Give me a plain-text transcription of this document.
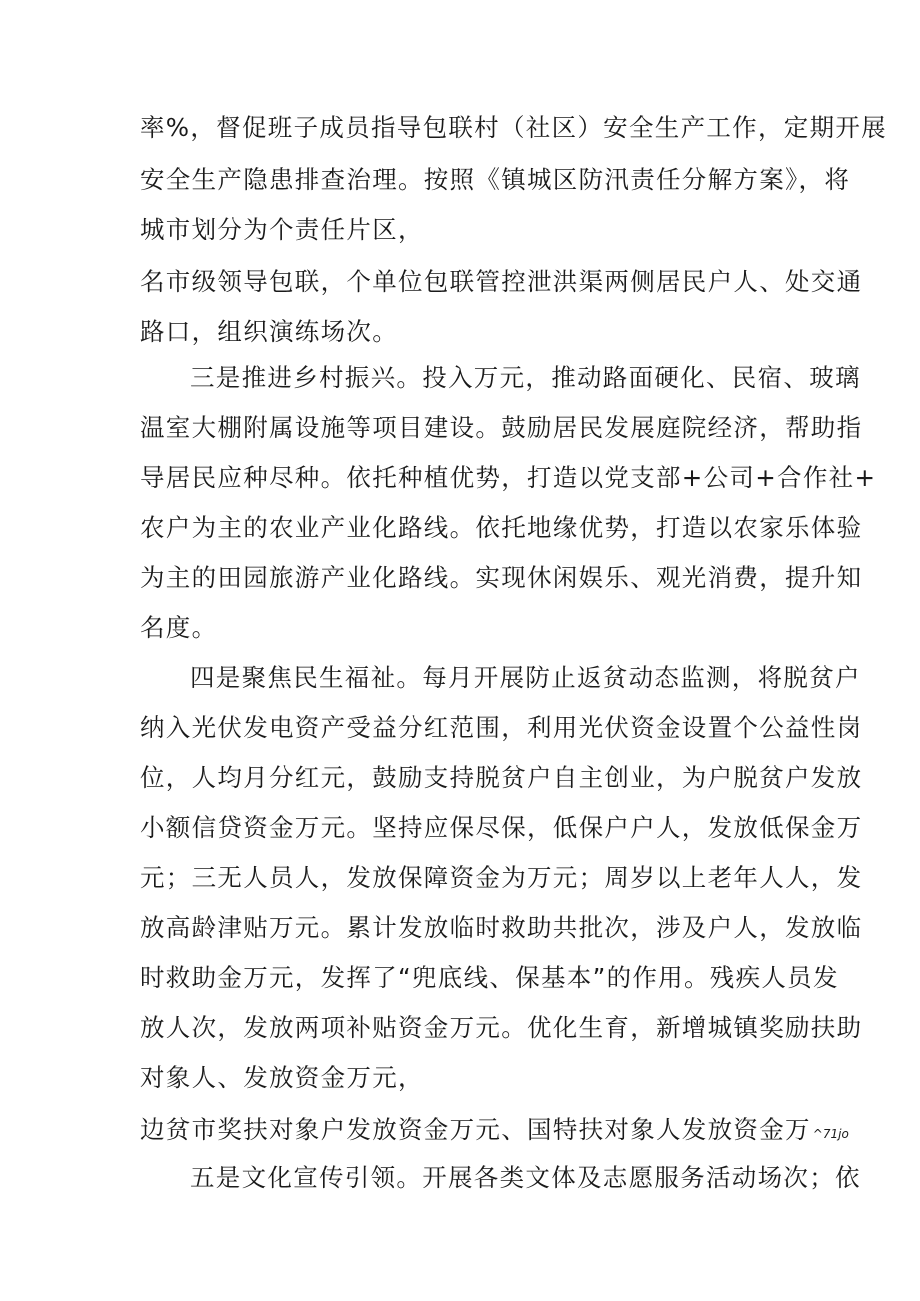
率%，督促班子成员指导包联村（社区）安全生产工作，定期开展
安全生产隐患排查治理。按照《镇城区防汛责任分解方案》，将
城市划分为个责任片区，
名市级领导包联，个单位包联管控泄洪渠两侧居民户人、处交通
路口，组织演练场次。
三是推进乡村振兴。投入万元，推动路面硬化、民宿、玻璃
温室大棚附属设施等项目建设。鼓励居民发展庭院经济，帮助指
导居民应种尽种。依托种植优势，打造以党支部+公司+合作社+
农户为主的农业产业化路线。依托地缘优势，打造以农家乐体验
为主的田园旅游产业化路线。实现休闲娱乐、观光消费，提升知
名度。
四是聚焦民生福祉。每月开展防止返贫动态监测，将脱贫户
纳入光伏发电资产受益分红范围，利用光伏资金设置个公益性岗
位，人均月分红元，鼓励支持脱贫户自主创业，为户脱贫户发放
小额信贷资金万元。坚持应保尽保，低保户户人，发放低保金万
元；三无人员人，发放保障资金为万元；周岁以上老年人人，发
放高龄津贴万元。累计发放临时救助共批次，涉及户人，发放临
时救助金万元，发挥了“兜底线、保基本”的作用。残疾人员发
放人次，发放两项补贴资金万元。优化生育，新增城镇奖励扶助
对象人、发放资金万元，
边贫市奖扶对象户发放资金万元、国特扶对象人发放资金万 ^71jo
五是文化宣传引领。开展各类文体及志愿服务活动场次；依
